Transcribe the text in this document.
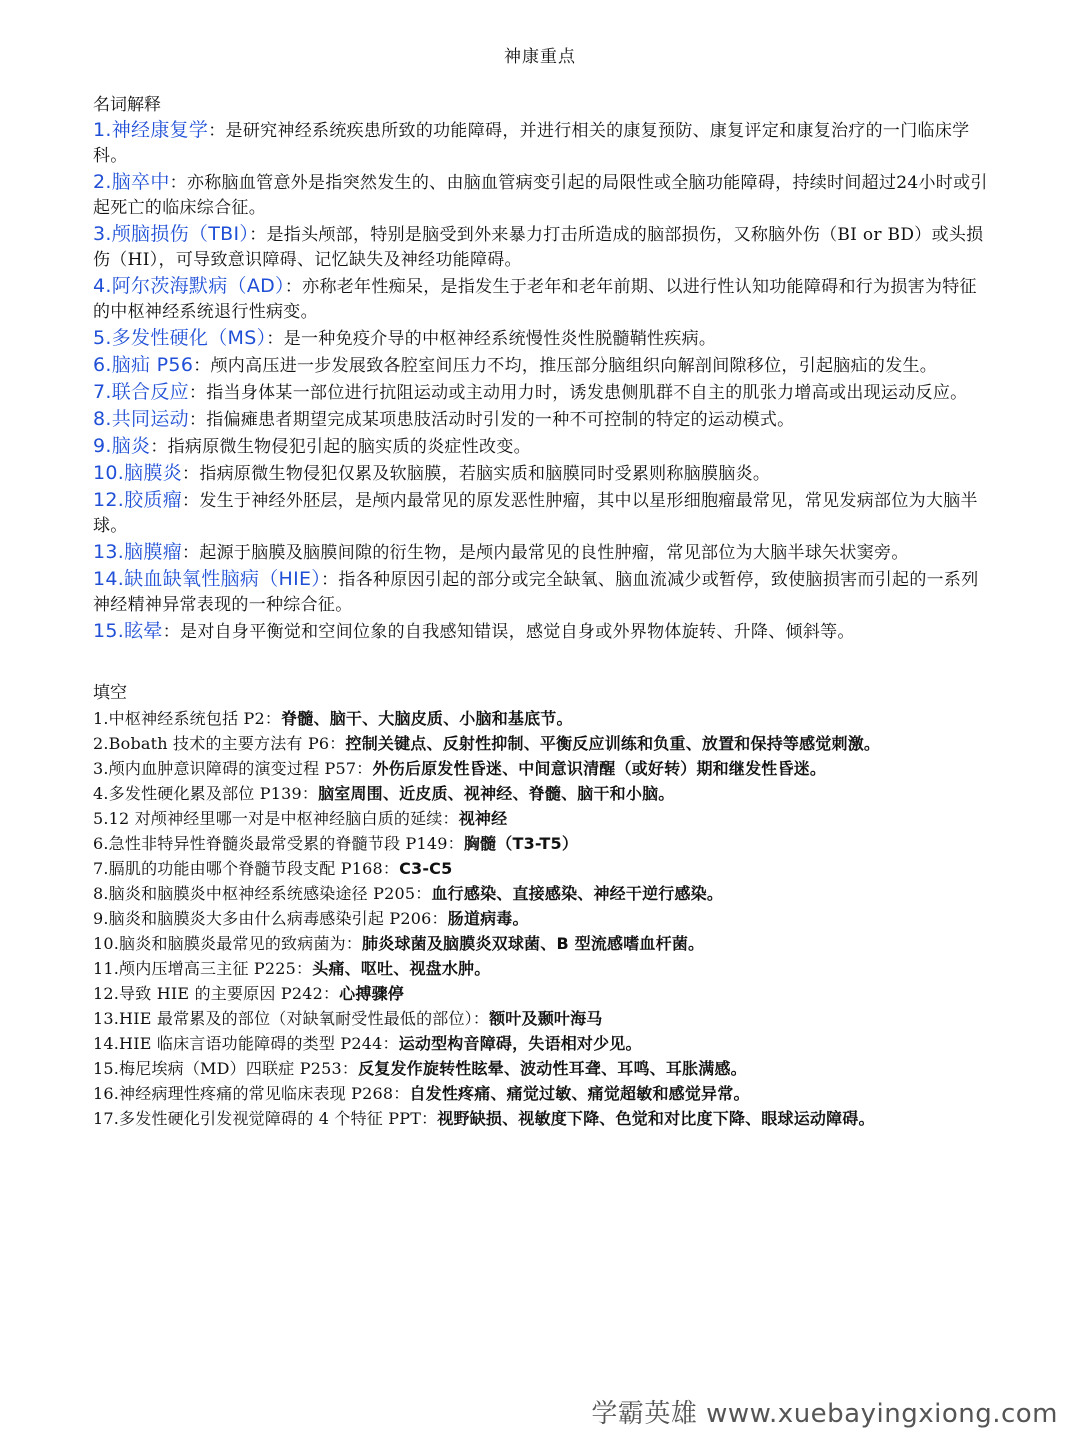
神康重点
名词解释
1.神经康复学：是研究神经系统疾患所致的功能障碍，并进行相关的康复预防、康复评定和康复治疗的一门临床学科。
2.脑卒中：亦称脑血管意外是指突然发生的、由脑血管病变引起的局限性或全脑功能障碍，持续时间超过24小时或引起死亡的临床综合征。
3.颅脑损伤（TBI）：是指头颅部，特别是脑受到外来暴力打击所造成的脑部损伤，又称脑外伤（BI or BD）或头损伤（HI），可导致意识障碍、记忆缺失及神经功能障碍。
4.阿尔茨海默病（AD）：亦称老年性痴呆，是指发生于老年和老年前期、以进行性认知功能障碍和行为损害为特征的中枢神经系统退行性病变。
5.多发性硬化（MS）：是一种免疫介导的中枢神经系统慢性炎性脱髓鞘性疾病。
6.脑疝 P56：颅内高压进一步发展致各腔室间压力不均，推压部分脑组织向解剖间隙移位，引起脑疝的发生。
7.联合反应：指当身体某一部位进行抗阻运动或主动用力时，诱发患侧肌群不自主的肌张力增高或出现运动反应。
8.共同运动：指偏瘫患者期望完成某项患肢活动时引发的一种不可控制的特定的运动模式。
9.脑炎：指病原微生物侵犯引起的脑实质的炎症性改变。
10.脑膜炎：指病原微生物侵犯仅累及软脑膜，若脑实质和脑膜同时受累则称脑膜脑炎。
12.胶质瘤：发生于神经外胚层，是颅内最常见的原发恶性肿瘤，其中以星形细胞瘤最常见，常见发病部位为大脑半球。
13.脑膜瘤：起源于脑膜及脑膜间隙的衍生物，是颅内最常见的良性肿瘤，常见部位为大脑半球矢状窦旁。
14.缺血缺氧性脑病（HIE）：指各种原因引起的部分或完全缺氧、脑血流减少或暂停，致使脑损害而引起的一系列神经精神异常表现的一种综合征。
15.眩晕：是对自身平衡觉和空间位象的自我感知错误，感觉自身或外界物体旋转、升降、倾斜等。
填空
1.中枢神经系统包括 P2：脊髓、脑干、大脑皮质、小脑和基底节。
2.Bobath 技术的主要方法有 P6：控制关键点、反射性抑制、平衡反应训练和负重、放置和保持等感觉刺激。
3.颅内血肿意识障碍的演变过程 P57：外伤后原发性昏迷、中间意识清醒（或好转）期和继发性昏迷。
4.多发性硬化累及部位 P139：脑室周围、近皮质、视神经、脊髓、脑干和小脑。
5.12 对颅神经里哪一对是中枢神经脑白质的延续：视神经
6.急性非特异性脊髓炎最常受累的脊髓节段 P149：胸髓（T3-T5）
7.膈肌的功能由哪个脊髓节段支配 P168：C3-C5
8.脑炎和脑膜炎中枢神经系统感染途径 P205：血行感染、直接感染、神经干逆行感染。
9.脑炎和脑膜炎大多由什么病毒感染引起 P206：肠道病毒。
10.脑炎和脑膜炎最常见的致病菌为：肺炎球菌及脑膜炎双球菌、B 型流感嗜血杆菌。
11.颅内压增高三主征 P225：头痛、呕吐、视盘水肿。
12.导致 HIE 的主要原因 P242：心搏骤停
13.HIE 最常累及的部位（对缺氧耐受性最低的部位）：额叶及颞叶海马
14.HIE 临床言语功能障碍的类型 P244：运动型构音障碍，失语相对少见。
15.梅尼埃病（MD）四联症 P253：反复发作旋转性眩晕、波动性耳聋、耳鸣、耳胀满感。
16.神经病理性疼痛的常见临床表现 P268：自发性疼痛、痛觉过敏、痛觉超敏和感觉异常。
17.多发性硬化引发视觉障碍的 4 个特征 PPT：视野缺损、视敏度下降、色觉和对比度下降、眼球运动障碍。
学霸英雄 www.xuebayingxiong.com
